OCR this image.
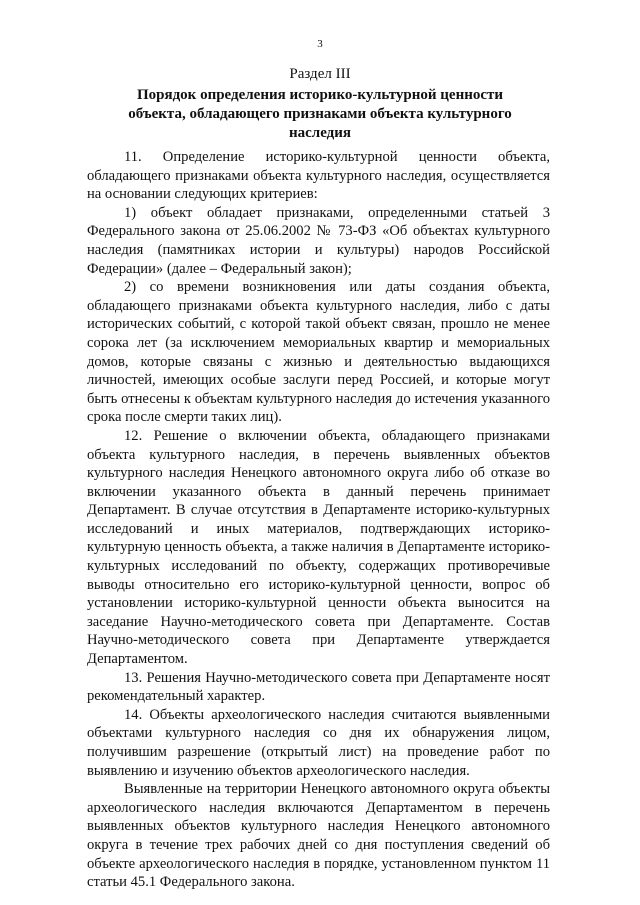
3
Раздел III
Порядок определения историко-культурной ценности объекта, обладающего признаками объекта культурного наследия

11. Определение историко-культурной ценности объекта, обладающего признаками объекта культурного наследия, осуществляется на основании следующих критериев:

1) объект обладает признаками, определенными статьей 3 Федерального закона от 25.06.2002 № 73-ФЗ «Об объектах культурного наследия (памятниках истории и культуры) народов Российской Федерации» (далее – Федеральный закон);

2) со времени возникновения или даты создания объекта, обладающего признаками объекта культурного наследия, либо с даты исторических событий, с которой такой объект связан, прошло не менее сорока лет (за исключением мемориальных квартир и мемориальных домов, которые связаны с жизнью и деятельностью выдающихся личностей, имеющих особые заслуги перед Россией, и которые могут быть отнесены к объектам культурного наследия до истечения указанного срока после смерти таких лиц).

12. Решение о включении объекта, обладающего признаками объекта культурного наследия, в перечень выявленных объектов культурного наследия Ненецкого автономного округа либо об отказе во включении указанного объекта в данный перечень принимает Департамент. В случае отсутствия в Департаменте историко-культурных исследований и иных материалов, подтверждающих историко-культурную ценность объекта, а также наличия в Департаменте историко-культурных исследований по объекту, содержащих противоречивые выводы относительно его историко-культурной ценности, вопрос об установлении историко-культурной ценности объекта выносится на заседание Научно-методического совета при Департаменте. Состав Научно-методического совета при Департаменте утверждается Департаментом.

13. Решения Научно-методического совета при Департаменте носят рекомендательный характер.

14. Объекты археологического наследия считаются выявленными объектами культурного наследия со дня их обнаружения лицом, получившим разрешение (открытый лист) на проведение работ по выявлению и изучению объектов археологического наследия.

Выявленные на территории Ненецкого автономного округа объекты археологического наследия включаются Департаментом в перечень выявленных объектов культурного наследия Ненецкого автономного округа в течение трех рабочих дней со дня поступления сведений об объекте археологического наследия в порядке, установленном пунктом 11 статьи 45.1 Федерального закона.
